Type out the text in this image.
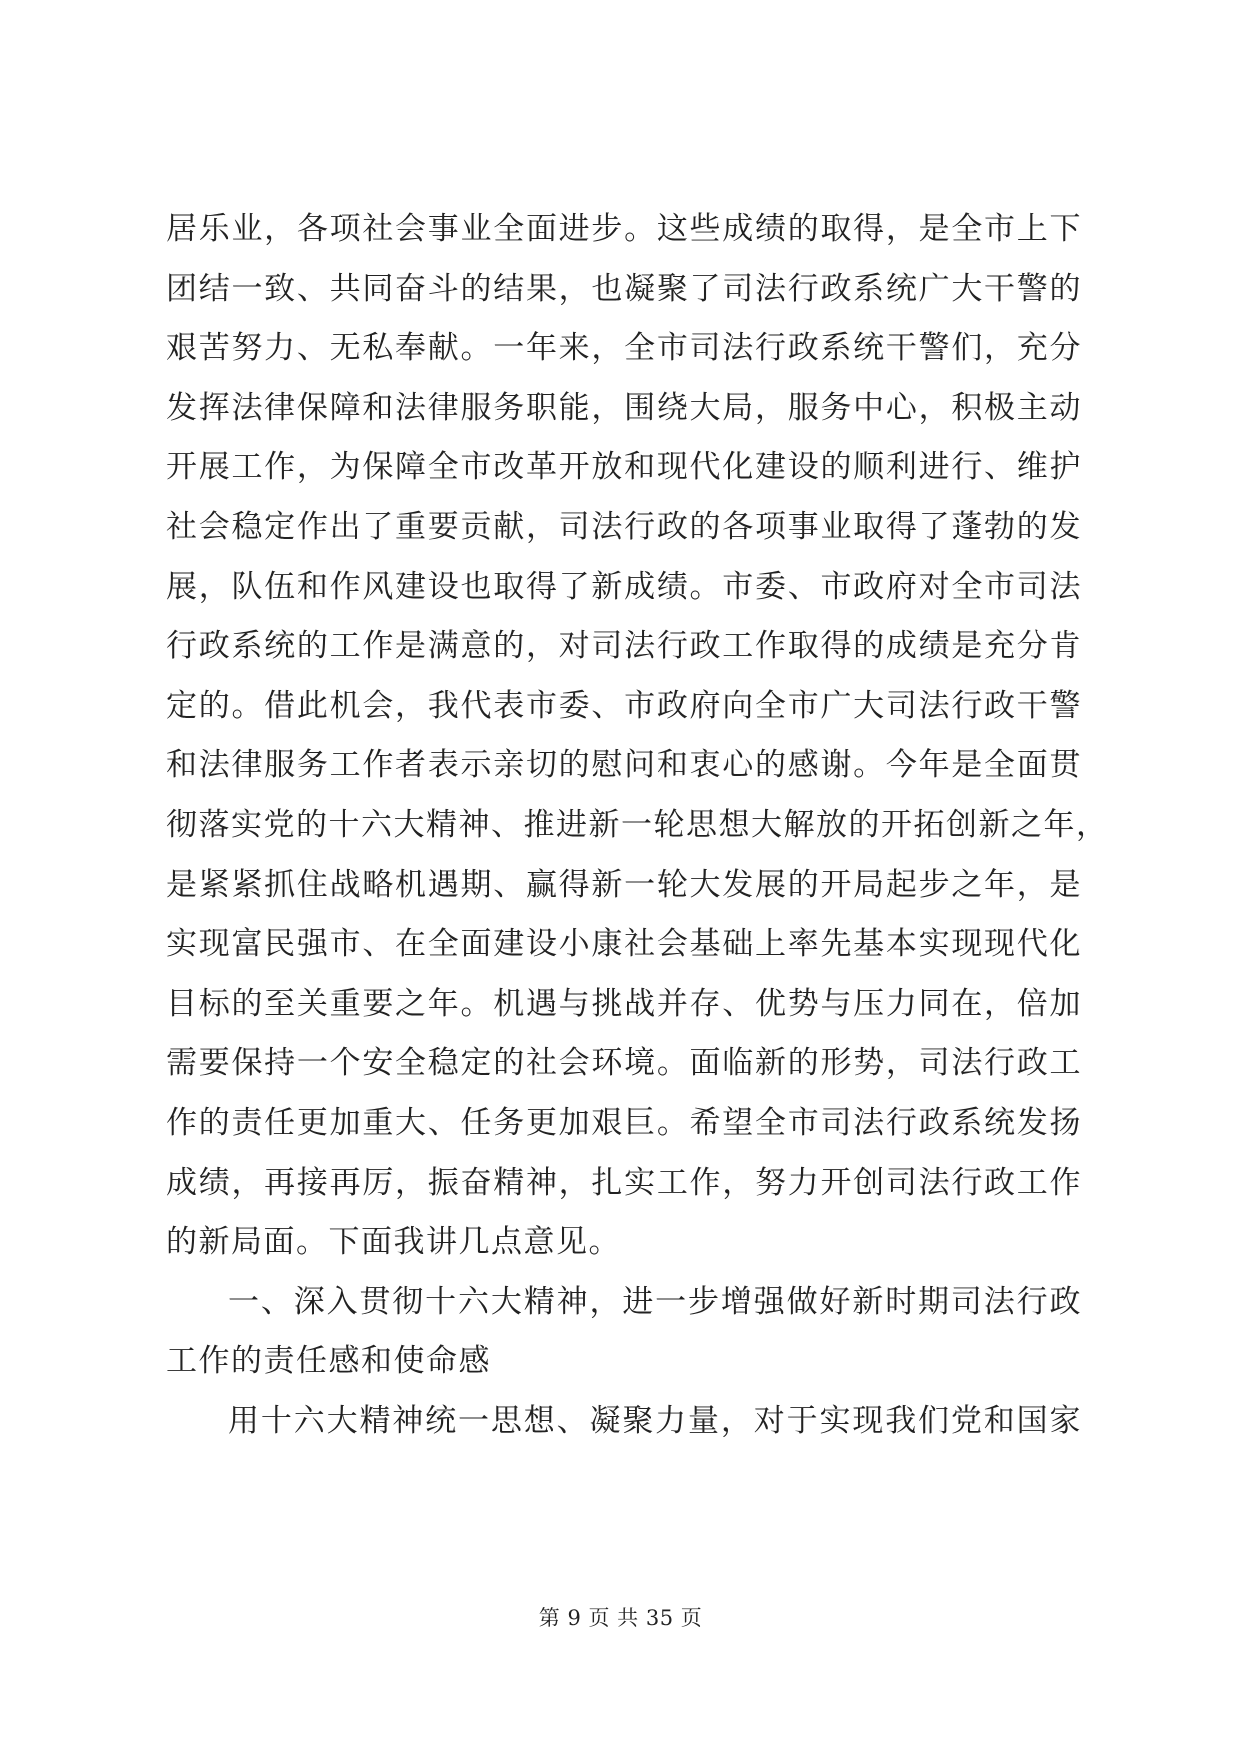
居乐业，各项社会事业全面进步。这些成绩的取得，是全市上下
团结一致、共同奋斗的结果，也凝聚了司法行政系统广大干警的
艰苦努力、无私奉献。一年来，全市司法行政系统干警们，充分
发挥法律保障和法律服务职能，围绕大局，服务中心，积极主动
开展工作，为保障全市改革开放和现代化建设的顺利进行、维护
社会稳定作出了重要贡献，司法行政的各项事业取得了蓬勃的发
展，队伍和作风建设也取得了新成绩。市委、市政府对全市司法
行政系统的工作是满意的，对司法行政工作取得的成绩是充分肯
定的。借此机会，我代表市委、市政府向全市广大司法行政干警
和法律服务工作者表示亲切的慰问和衷心的感谢。今年是全面贯
彻落实党的十六大精神、推进新一轮思想大解放的开拓创新之年，
是紧紧抓住战略机遇期、赢得新一轮大发展的开局起步之年，是
实现富民强市、在全面建设小康社会基础上率先基本实现现代化
目标的至关重要之年。机遇与挑战并存、优势与压力同在，倍加
需要保持一个安全稳定的社会环境。面临新的形势，司法行政工
作的责任更加重大、任务更加艰巨。希望全市司法行政系统发扬
成绩，再接再厉，振奋精神，扎实工作，努力开创司法行政工作
的新局面。下面我讲几点意见。
一、深入贯彻十六大精神，进一步增强做好新时期司法行政
工作的责任感和使命感
用十六大精神统一思想、凝聚力量，对于实现我们党和国家
第 9 页 共 35 页
